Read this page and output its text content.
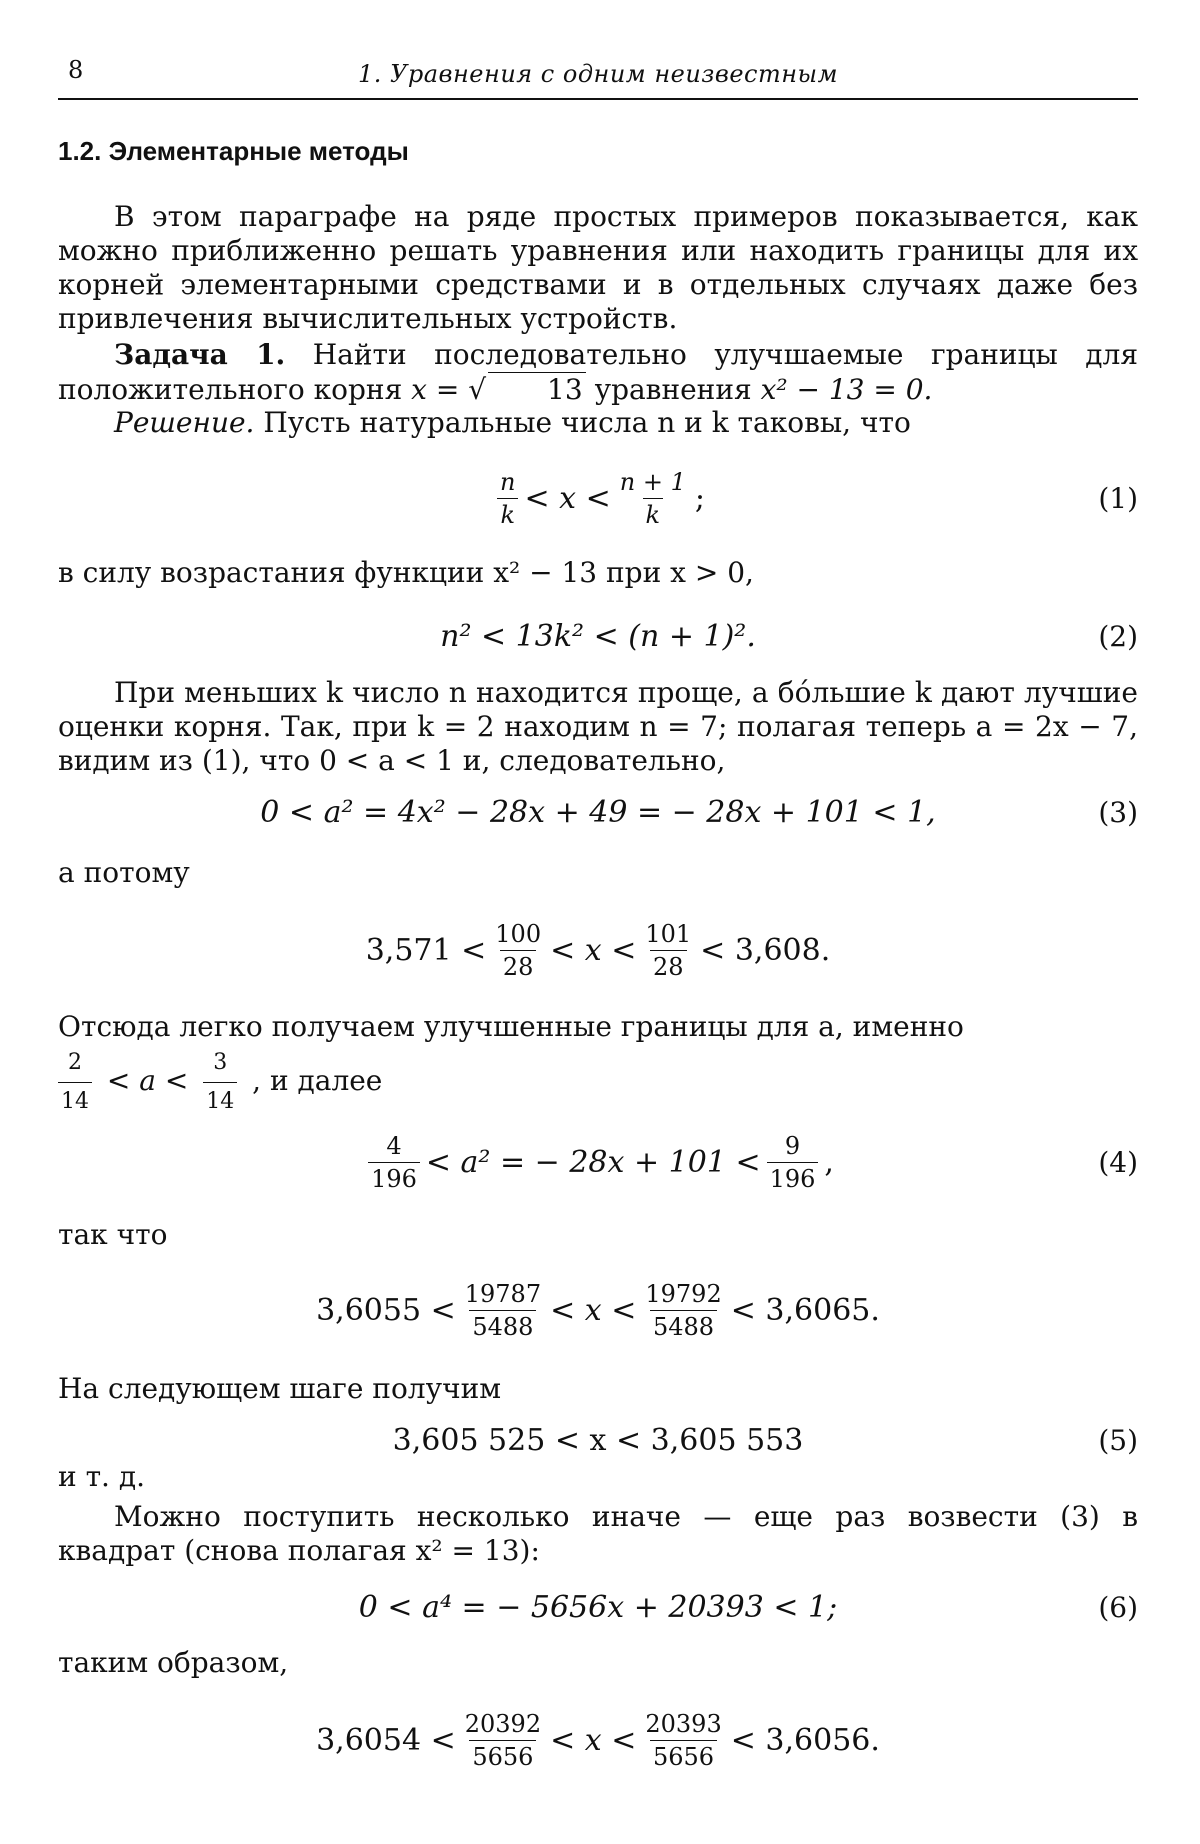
8	1. Уравнения с одним неизвестным
1.2. Элементарные методы
В этом параграфе на ряде простых примеров показывается, как можно приближенно решать уравнения или находить границы для их корней элементарными средствами и в отдельных случаях даже без привлечения вычислительных устройств.
Задача 1. Найти последовательно улучшаемые границы для положительного корня x = √ 13 уравнения x² − 13 = 0.
Решение. Пусть натуральные числа n и k таковы, что
$\frac{n}{k} < x < \frac{n + 1}{k}$ ;	(1)
в силу возрастания функции x² − 13 при x > 0,
n² < 13k² < (n + 1)².	(2)
При меньших k число n находится проще, а бо́льшие k дают лучшие оценки корня. Так, при k = 2 находим n = 7; полагая теперь a = 2x − 7, видим из (1), что 0 < a < 1 и, следовательно,
0 < a² = 4x² − 28x + 49 = − 28x + 101 < 1,	(3)
а потому
$3,571 < \frac{100}{28} < x < \frac{101}{28} < 3,608$.
Отсюда легко получаем улучшенные границы для a, именно
$\frac{2}{14} < a < \frac{3}{14}$ , и далее
$\frac{4}{196} < a^2$ = − $28x + 101 < \frac{9}{196}$ ,	(4)
так что
$3,6055 < \frac{19787}{5488} < x < \frac{19792}{5488} < 3,6065$.
На следующем шаге получим
3,605 525 < x < 3,605 553	(5)
и т. д.
Можно поступить несколько иначе — еще раз возвести (3) в квадрат (снова полагая x² = 13):
0 < a⁴ = − 5656x + 20393 < 1;	(6)
таким образом,
$3,6054 < \frac{20392}{5656} < x < \frac{20393}{5656} < 3,6056$.
